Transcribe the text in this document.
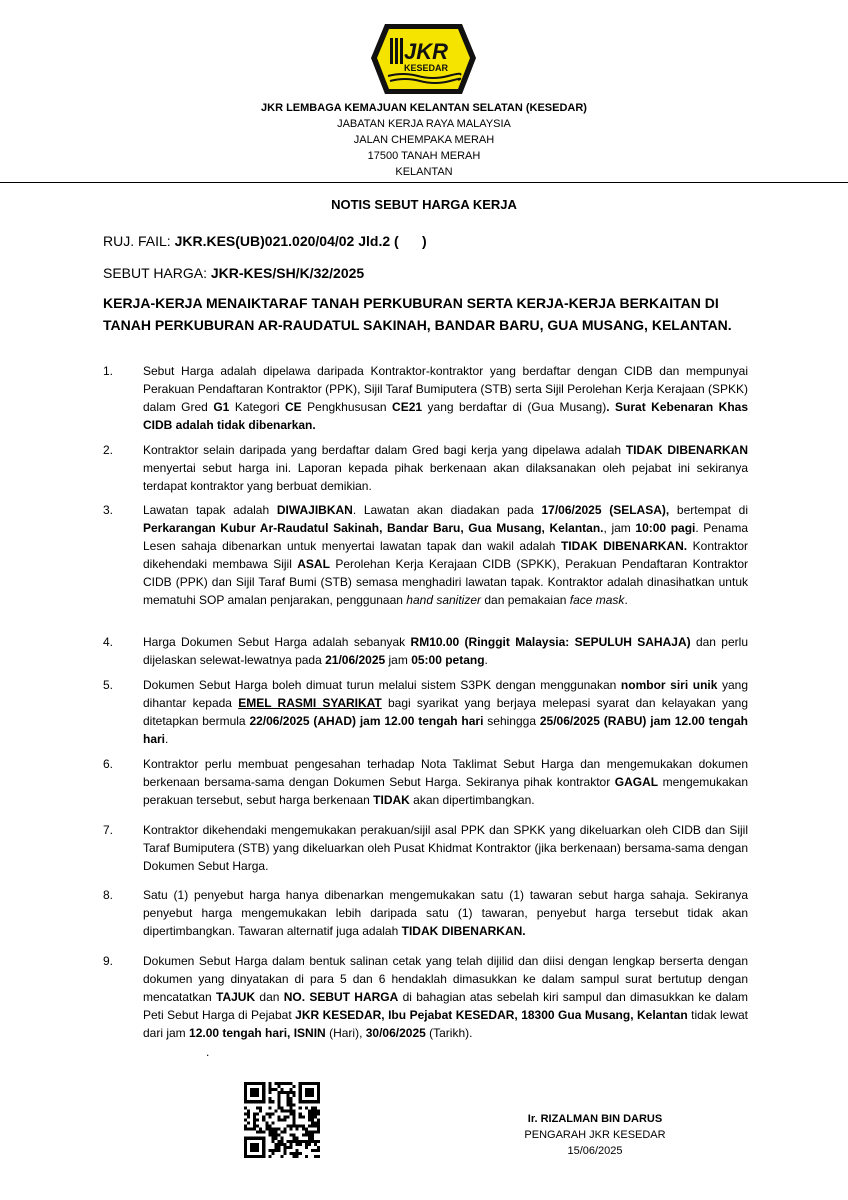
JKR
KESEDAR
JKR LEMBAGA KEMAJUAN KELANTAN SELATAN (KESEDAR)
JABATAN KERJA RAYA MALAYSIA
JALAN CHEMPAKA MERAH
17500 TANAH MERAH
KELANTAN
NOTIS SEBUT HARGA KERJA
RUJ. FAIL: JKR.KES(UB)021.020/04/02 Jld.2 (      )
SEBUT HARGA: JKR-KES/SH/K/32/2025
KERJA-KERJA MENAIKTARAF TANAH PERKUBURAN SERTA KERJA-KERJA BERKAITAN DI TANAH PERKUBURAN AR-RAUDATUL SAKINAH, BANDAR BARU, GUA MUSANG, KELANTAN.
1. Sebut Harga adalah dipelawa daripada Kontraktor-kontraktor yang berdaftar dengan CIDB dan mempunyai Perakuan Pendaftaran Kontraktor (PPK), Sijil Taraf Bumiputera (STB) serta Sijil Perolehan Kerja Kerajaan (SPKK) dalam Gred G1 Kategori CE Pengkhususan CE21 yang berdaftar di (Gua Musang). Surat Kebenaran Khas CIDB adalah tidak dibenarkan.
2. Kontraktor selain daripada yang berdaftar dalam Gred bagi kerja yang dipelawa adalah TIDAK DIBENARKAN menyertai sebut harga ini. Laporan kepada pihak berkenaan akan dilaksanakan oleh pejabat ini sekiranya terdapat kontraktor yang berbuat demikian.
3. Lawatan tapak adalah DIWAJIBKAN. Lawatan akan diadakan pada 17/06/2025 (SELASA), bertempat di Perkarangan Kubur Ar-Raudatul Sakinah, Bandar Baru, Gua Musang, Kelantan., jam 10:00 pagi. Penama Lesen sahaja dibenarkan untuk menyertai lawatan tapak dan wakil adalah TIDAK DIBENARKAN. Kontraktor dikehendaki membawa Sijil ASAL Perolehan Kerja Kerajaan CIDB (SPKK), Perakuan Pendaftaran Kontraktor CIDB (PPK) dan Sijil Taraf Bumi (STB) semasa menghadiri lawatan tapak. Kontraktor adalah dinasihatkan untuk mematuhi SOP amalan penjarakan, penggunaan hand sanitizer dan pemakaian face mask.
4. Harga Dokumen Sebut Harga adalah sebanyak RM10.00 (Ringgit Malaysia: SEPULUH SAHAJA) dan perlu dijelaskan selewat-lewatnya pada 21/06/2025 jam 05:00 petang.
5. Dokumen Sebut Harga boleh dimuat turun melalui sistem S3PK dengan menggunakan nombor siri unik yang dihantar kepada EMEL RASMI SYARIKAT bagi syarikat yang berjaya melepasi syarat dan kelayakan yang ditetapkan bermula 22/06/2025 (AHAD) jam 12.00 tengah hari sehingga 25/06/2025 (RABU) jam 12.00 tengah hari.
6. Kontraktor perlu membuat pengesahan terhadap Nota Taklimat Sebut Harga dan mengemukakan dokumen berkenaan bersama-sama dengan Dokumen Sebut Harga. Sekiranya pihak kontraktor GAGAL mengemukakan perakuan tersebut, sebut harga berkenaan TIDAK akan dipertimbangkan.
7. Kontraktor dikehendaki mengemukakan perakuan/sijil asal PPK dan SPKK yang dikeluarkan oleh CIDB dan Sijil Taraf Bumiputera (STB) yang dikeluarkan oleh Pusat Khidmat Kontraktor (jika berkenaan) bersama-sama dengan Dokumen Sebut Harga.
8. Satu (1) penyebut harga hanya dibenarkan mengemukakan satu (1) tawaran sebut harga sahaja. Sekiranya penyebut harga mengemukakan lebih daripada satu (1) tawaran, penyebut harga tersebut tidak akan dipertimbangkan. Tawaran alternatif juga adalah TIDAK DIBENARKAN.
9. Dokumen Sebut Harga dalam bentuk salinan cetak yang telah dijilid dan diisi dengan lengkap berserta dengan dokumen yang dinyatakan di para 5 dan 6 hendaklah dimasukkan ke dalam sampul surat bertutup dengan mencatatkan TAJUK dan NO. SEBUT HARGA di bahagian atas sebelah kiri sampul dan dimasukkan ke dalam Peti Sebut Harga di Pejabat JKR KESEDAR, Ibu Pejabat KESEDAR, 18300 Gua Musang, Kelantan tidak lewat dari jam 12.00 tengah hari, ISNIN (Hari), 30/06/2025 (Tarikh).
.
Ir. RIZALMAN BIN DARUS
PENGARAH JKR KESEDAR
15/06/2025
